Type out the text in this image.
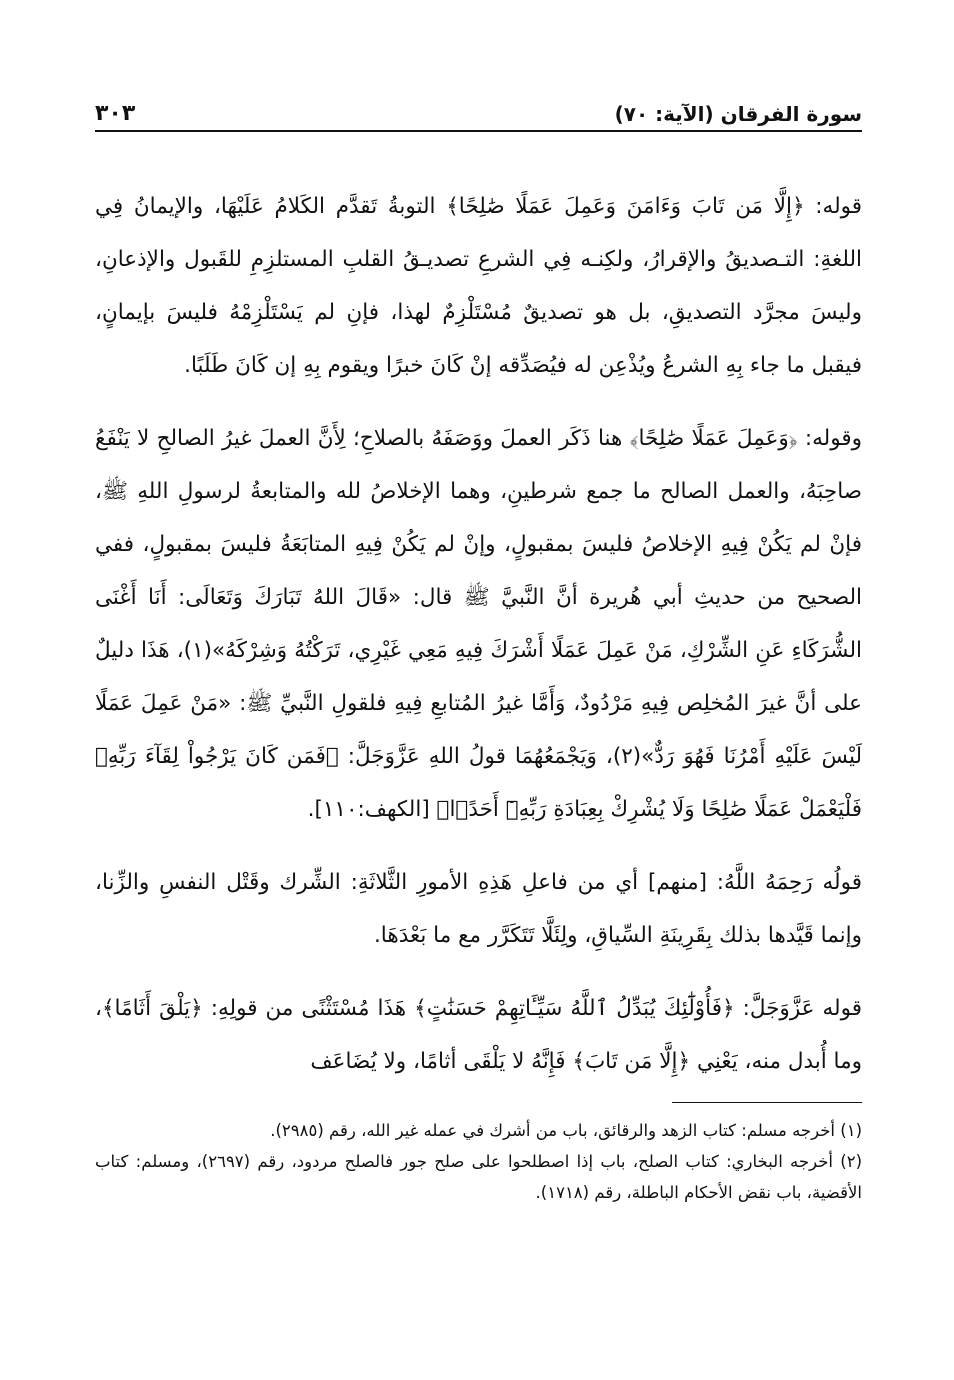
سورة الفرقان (الآية: ٧٠)
٣٠٣

قوله: ﴿إِلَّا مَن تَابَ وَءَامَنَ وَعَمِلَ عَمَلًا صَٰلِحًا﴾ التوبةُ تَقدَّم الكَلامُ عَلَيْهَا، والإيمانُ فِي اللغةِ: التـصديقُ والإقرارُ، ولكِنـه فِي الشرعِ تصديـقُ القلبِ المستلزِمِ للقَبول والإذعانِ، وليسَ مجرَّد التصديقِ، بل هو تصديقٌ مُسْتَلْزِمٌ لهذا، فإنِ لم يَسْتَلْزِمْهُ فليسَ بإيمانٍ، فيقبل ما جاء بِهِ الشرعُ ويُذْعِن له فيُصَدِّقه إنْ كَانَ خبرًا ويقوم بِهِ إن كَانَ طَلَبًا.

وقوله: ﴿وَعَمِلَ عَمَلًا صَٰلِحًا﴾ هنا ذَكَر العملَ ووَصَفَهُ بالصلاحِ؛ لِأَنَّ العملَ غيرُ الصالحِ لا يَنْفَعُ صاحِبَهُ، والعمل الصالح ما جمع شرطينِ، وهما الإخلاصُ لله والمتابعةُ لرسولِ اللهِ ﷺ، فإنْ لم يَكُنْ فِيهِ الإخلاصُ فليسَ بمقبولٍ، وإنْ لم يَكُنْ فِيهِ المتابَعَةُ فليسَ بمقبولٍ، ففي الصحيح من حديثِ أبي هُريرة أنَّ النَّبيَّ ﷺ قال: «قَالَ اللهُ تَبَارَكَ وَتَعَالَى: أَنَا أَغْنَى الشُّرَكَاءِ عَنِ الشِّرْكِ، مَنْ عَمِلَ عَمَلًا أَشْرَكَ فِيهِ مَعِي غَيْرِي، تَرَكْتُهُ وَشِرْكَهُ»(١)، هَذَا دليلٌ على أنَّ غيرَ المُخلِص فِيهِ مَرْدُودٌ، وَأَمَّا غيرُ المُتابعِ فِيهِ فلقولِ النَّبيِّ ﷺ: «مَنْ عَمِلَ عَمَلًا لَيْسَ عَلَيْهِ أَمْرُنَا فَهُوَ رَدٌّ»(٢)، وَيَجْمَعُهُمَا قولُ اللهِ عَزَّوَجَلَّ: ﴿فَمَن كَانَ يَرْجُواْ لِقَآءَ رَبِّهِۦ فَلْيَعْمَلْ عَمَلًا صَٰلِحًا وَلَا يُشْرِكْ بِعِبَادَةِ رَبِّهِۦٓ أَحَدًۢا﴾ [الكهف:١١٠].

قولُه رَحِمَهُ اللَّهُ: [منهم] أي من فاعلِ هَذِهِ الأمورِ الثَّلاثَةِ: الشِّرك وقَتْل النفسِ والزِّنا، وإنما قَيَّدها بذلك بِقَرِينَةِ السِّياقِ، ولِئَلَّا تَتَكَرَّر مع ما بَعْدَهَا.

قوله عَزَّوَجَلَّ: ﴿فَأُوْلَٰٓئِكَ يُبَدِّلُ ٱللَّهُ سَيِّـَٔاتِهِمْ حَسَنَٰتٍ﴾ هَذَا مُسْتَثْنًى من قولِهِ: ﴿يَلْقَ أَثَامًا﴾، وما أُبدل منه، يَعْنِي ﴿إِلَّا مَن تَابَ﴾ فَإِنَّهُ لا يَلْقَى أثامًا، ولا يُضَاعَف

(١) أخرجه مسلم: كتاب الزهد والرقائق، باب من أشرك في عمله غير الله، رقم (٢٩٨٥).

(٢) أخرجه البخاري: كتاب الصلح، باب إذا اصطلحوا على صلح جور فالصلح مردود، رقم (٢٦٩٧)، ومسلم: كتاب الأقضية، باب نقض الأحكام الباطلة، رقم (١٧١٨).
